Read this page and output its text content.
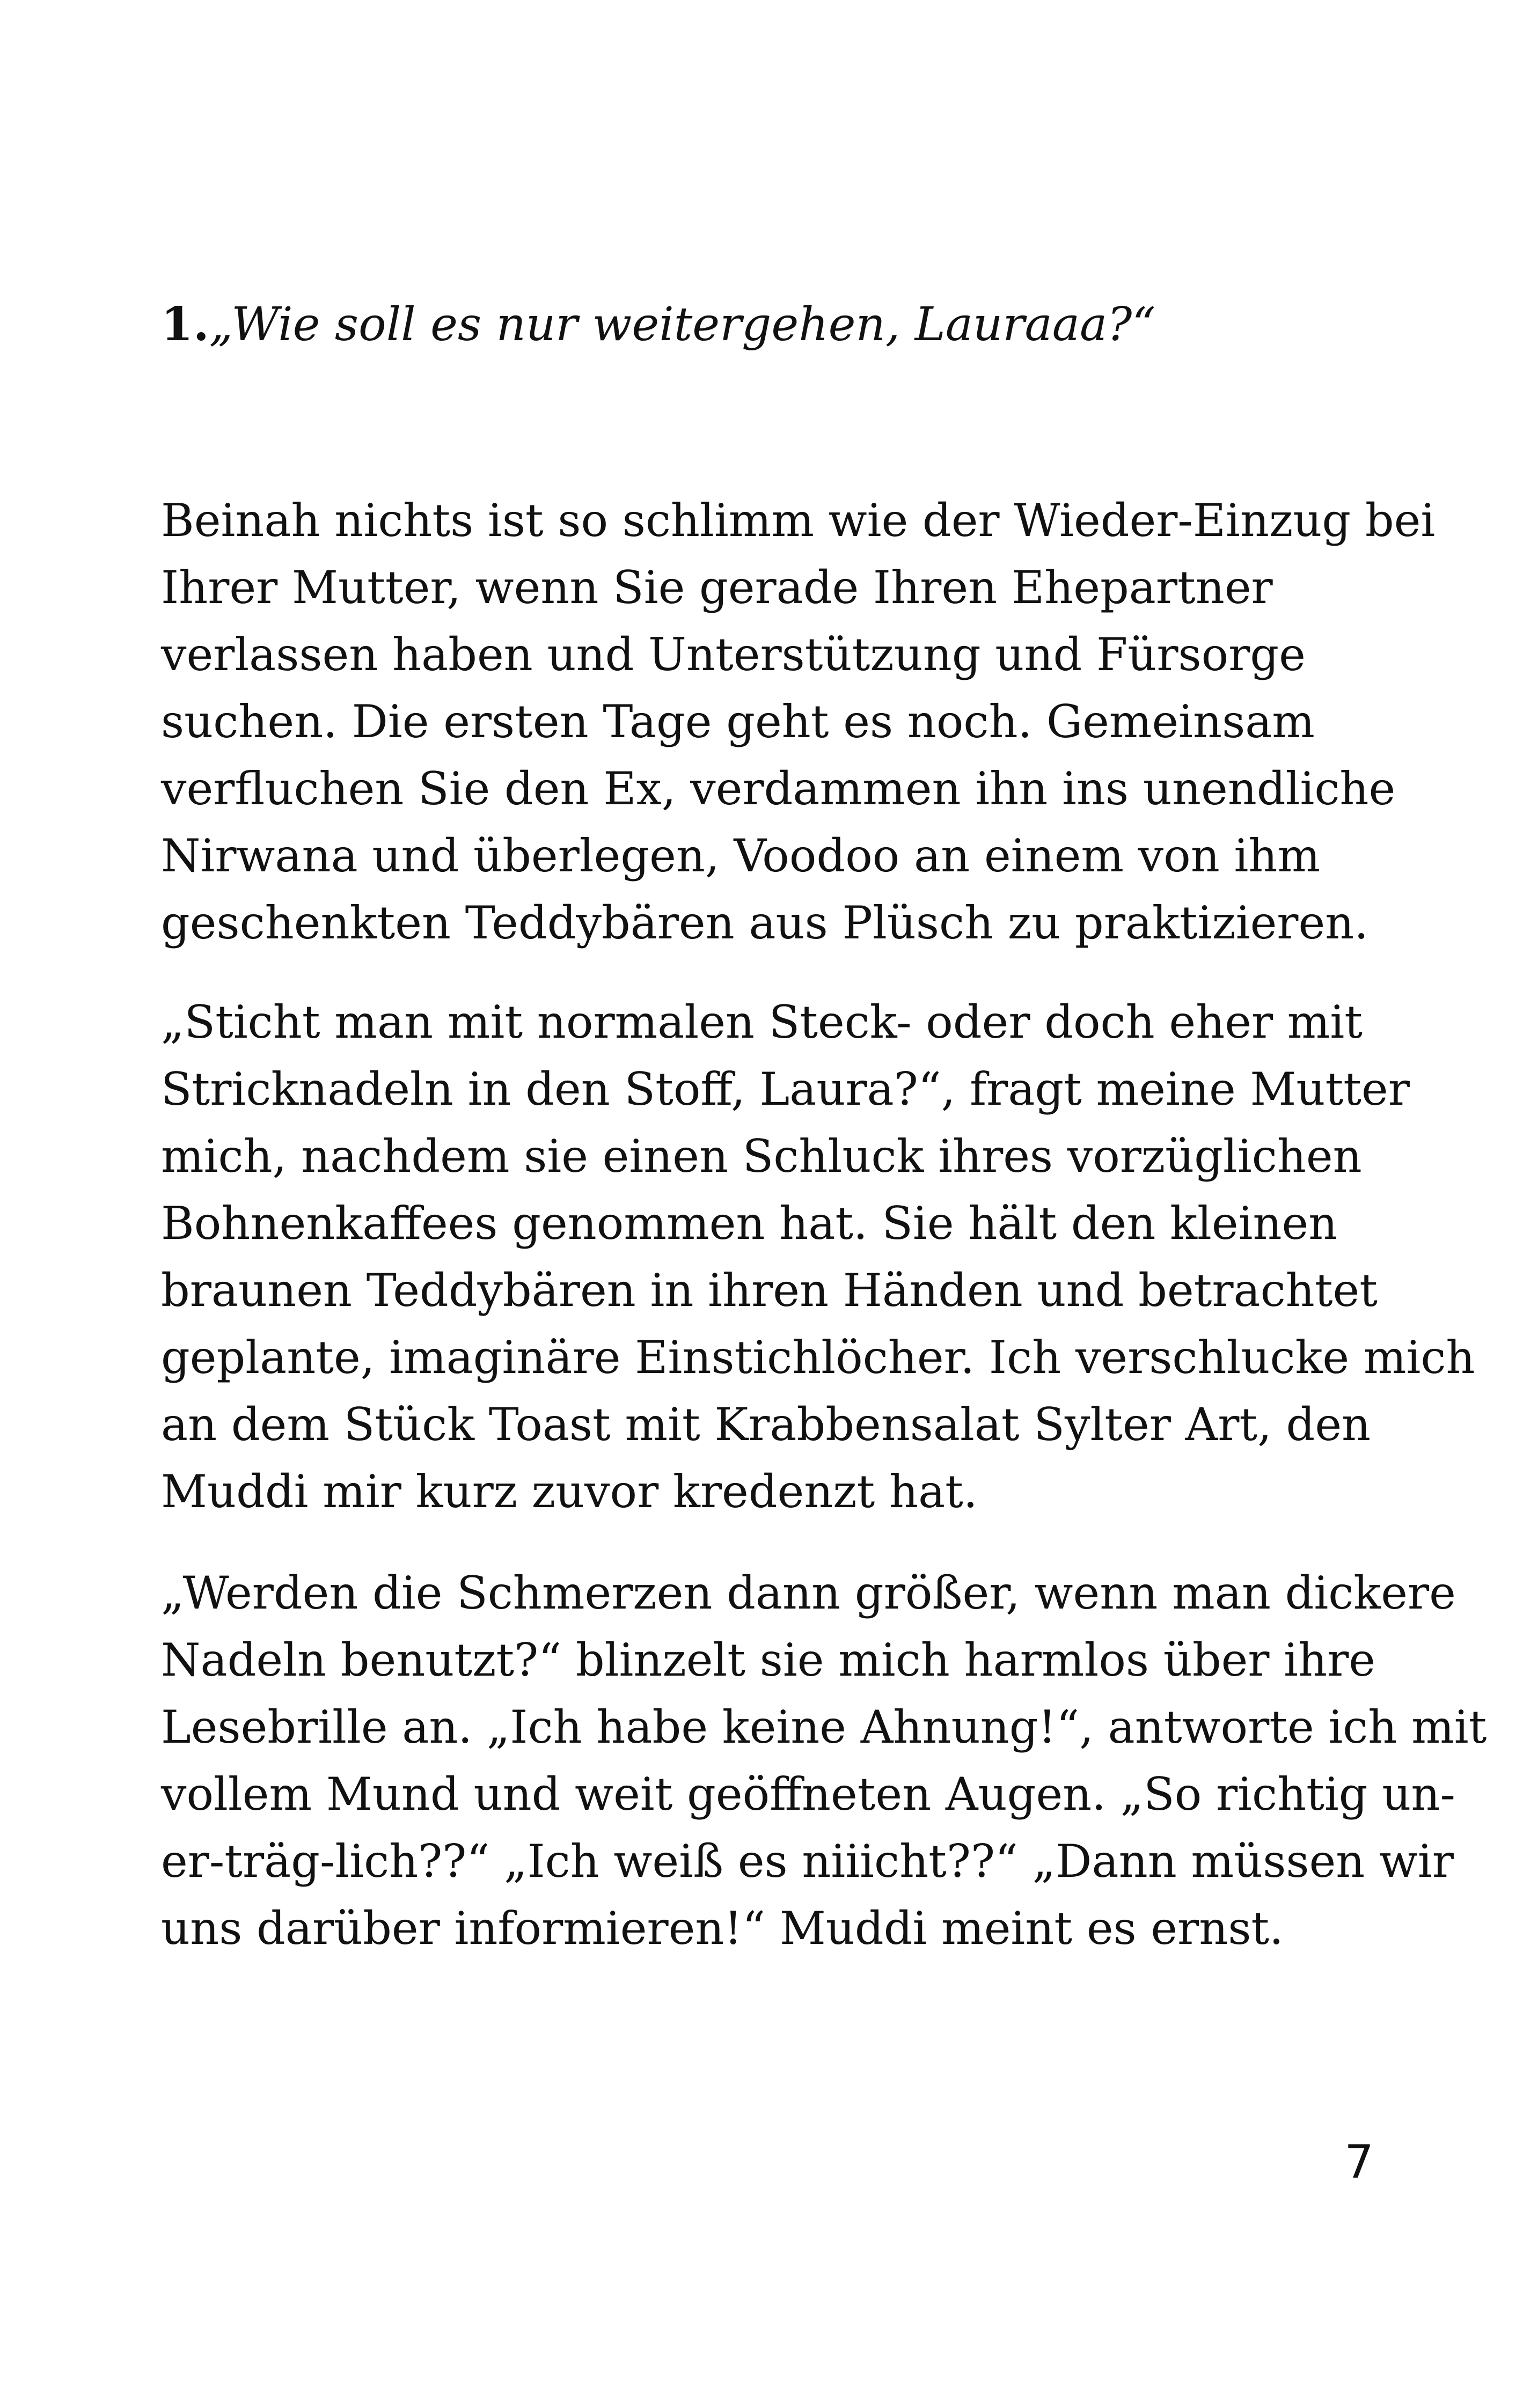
1.„Wie soll es nur weitergehen, Lauraaa?“
Beinah nichts ist so schlimm wie der Wieder-Einzug bei
Ihrer Mutter, wenn Sie gerade Ihren Ehepartner
verlassen haben und Unterstützung und Fürsorge
suchen. Die ersten Tage geht es noch. Gemeinsam
verfluchen Sie den Ex, verdammen ihn ins unendliche
Nirwana und überlegen, Voodoo an einem von ihm
geschenkten Teddybären aus Plüsch zu praktizieren.
„Sticht man mit normalen Steck- oder doch eher mit
Stricknadeln in den Stoff, Laura?“, fragt meine Mutter
mich, nachdem sie einen Schluck ihres vorzüglichen
Bohnenkaffees genommen hat. Sie hält den kleinen
braunen Teddybären in ihren Händen und betrachtet
geplante, imaginäre Einstichlöcher. Ich verschlucke mich
an dem Stück Toast mit Krabbensalat Sylter Art, den
Muddi mir kurz zuvor kredenzt hat.
„Werden die Schmerzen dann größer, wenn man dickere
Nadeln benutzt?“ blinzelt sie mich harmlos über ihre
Lesebrille an. „Ich habe keine Ahnung!“, antworte ich mit
vollem Mund und weit geöffneten Augen. „So richtig un-
er-träg-lich??“ „Ich weiß es niiicht??“ „Dann müssen wir
uns darüber informieren!“ Muddi meint es ernst.
7
